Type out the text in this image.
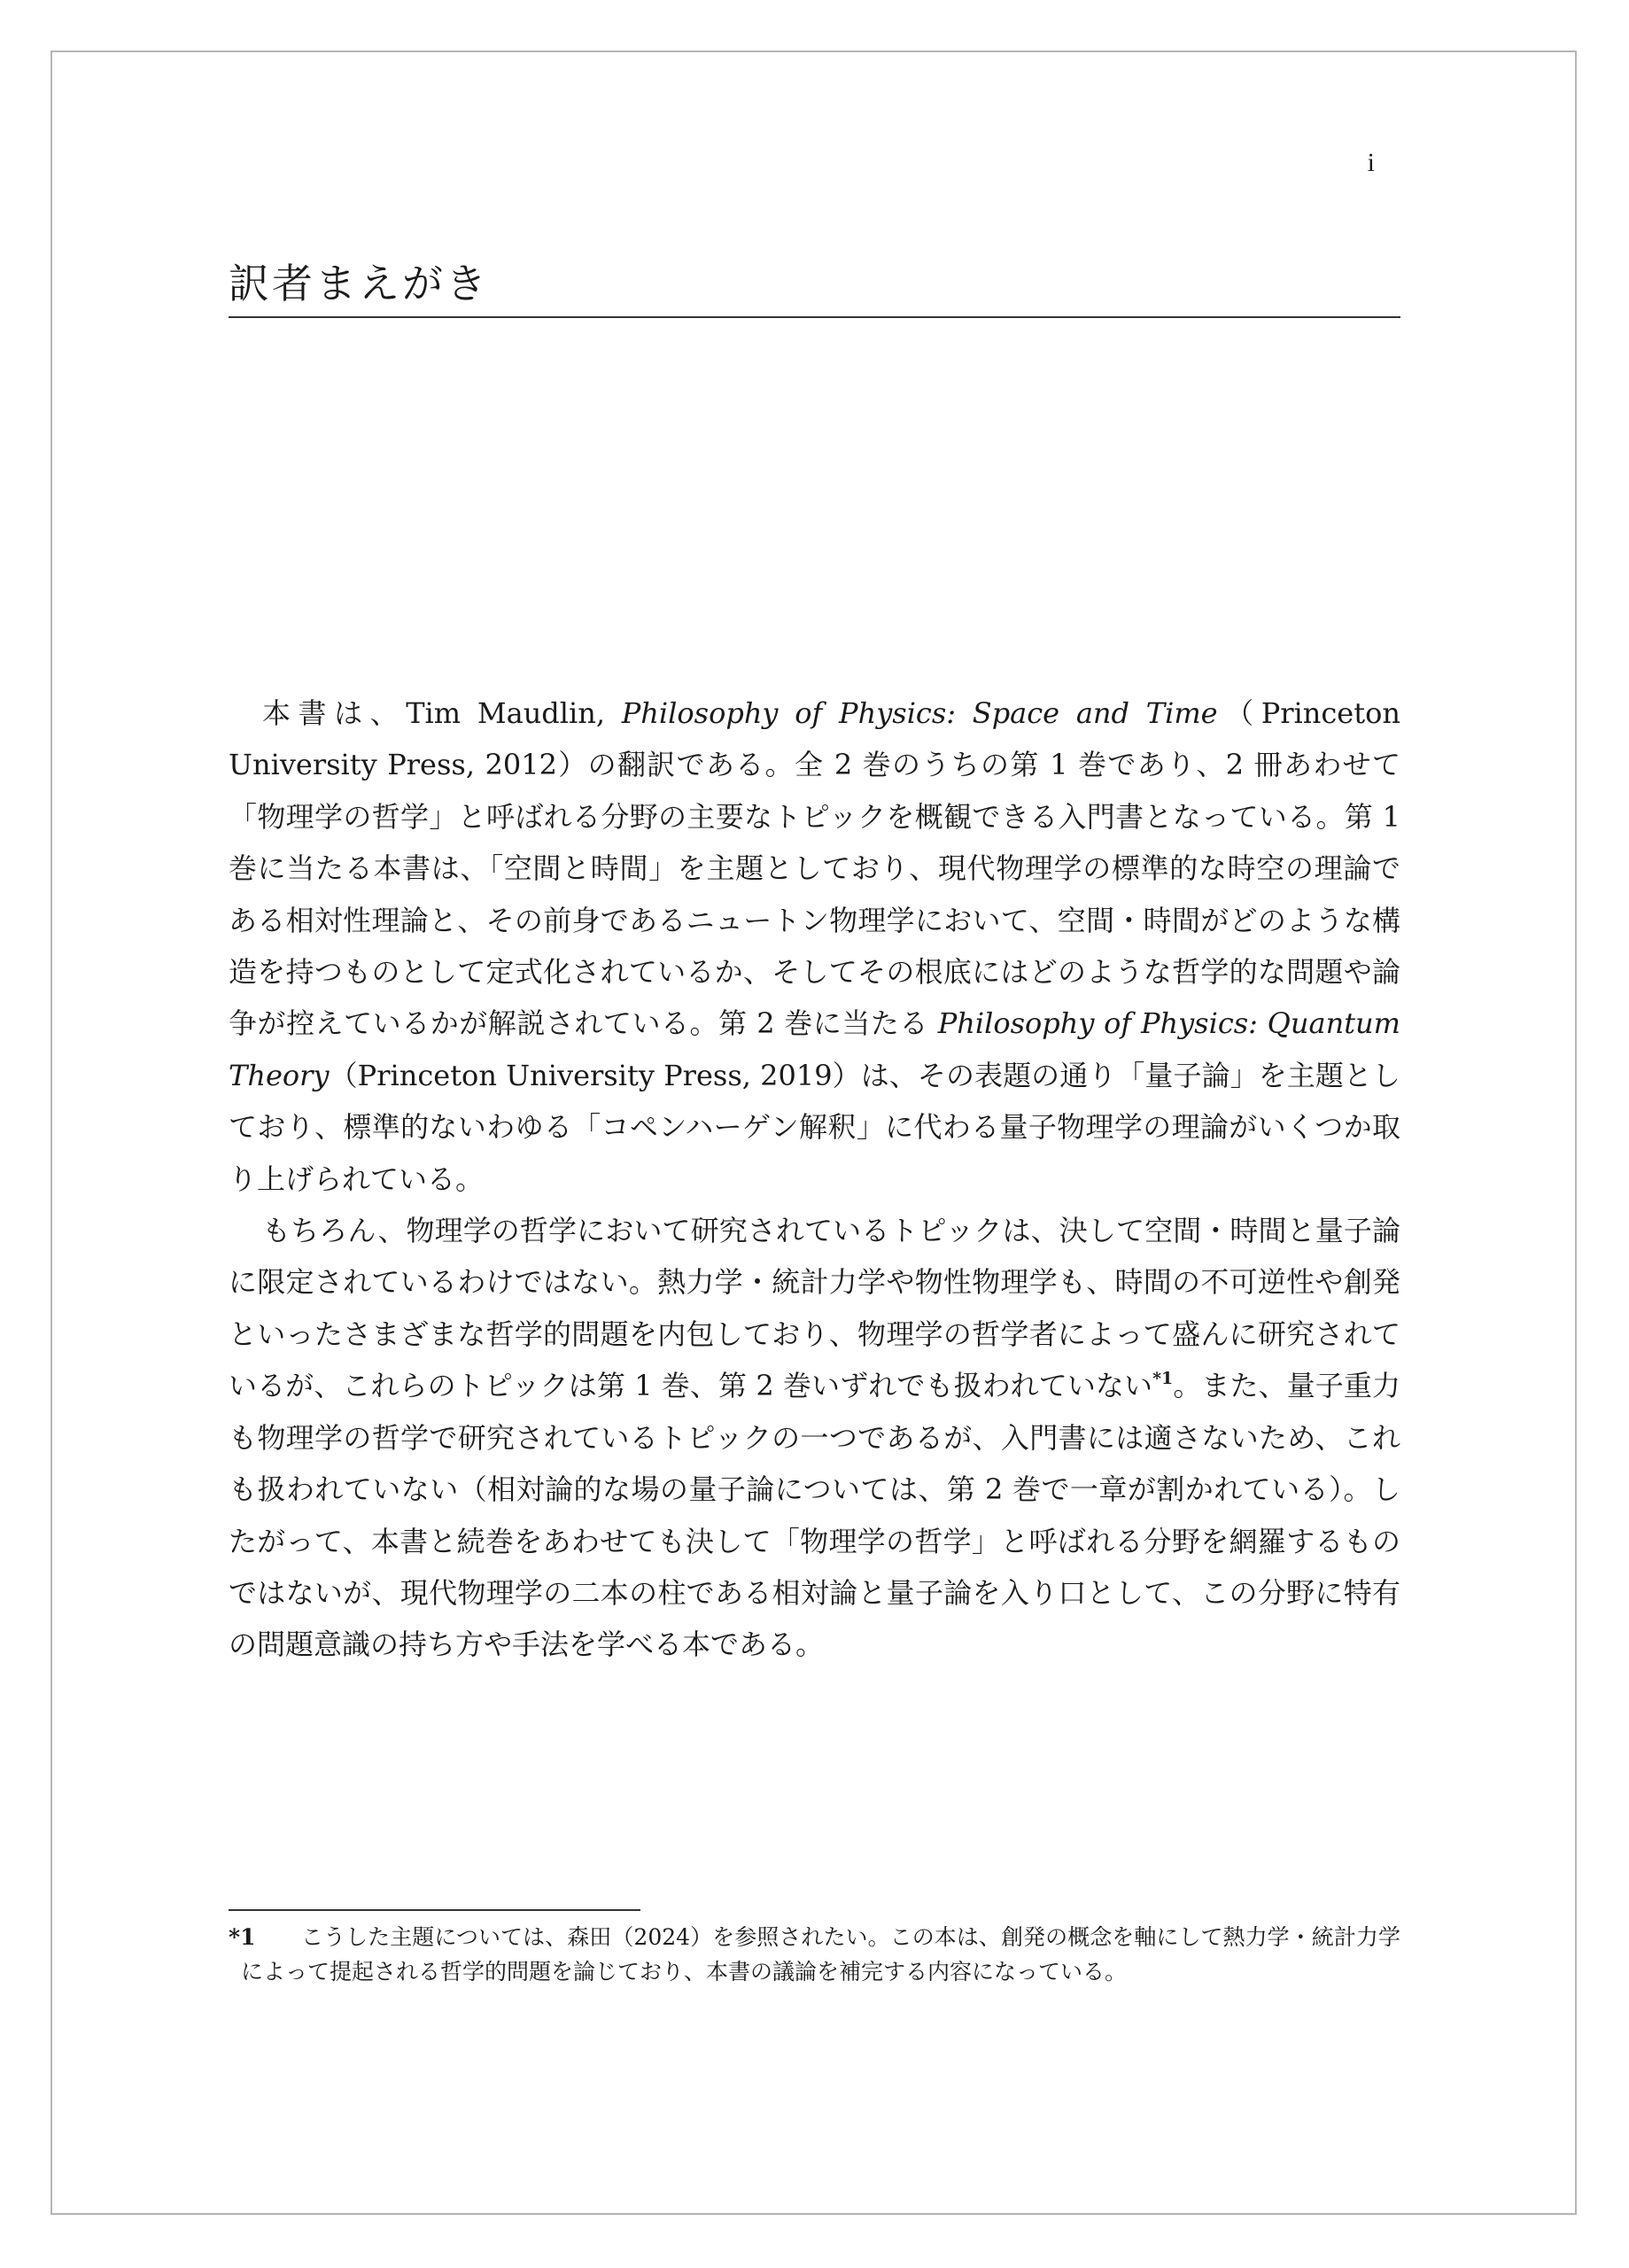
i
訳者まえがき

本書は、Tim Maudlin, Philosophy of Physics: Space and Time（Princeton University Press, 2012）の翻訳である。全 2 巻のうちの第 1 巻であり、2 冊あわせて「物理学の哲学」と呼ばれる分野の主要なトピックを概観できる入門書となっている。第 1 巻に当たる本書は、「空間と時間」を主題としており、現代物理学の標準的な時空の理論である相対性理論と、その前身であるニュートン物理学において、空間・時間がどのような構造を持つものとして定式化されているか、そしてその根底にはどのような哲学的な問題や論争が控えているかが解説されている。第 2 巻に当たる Philosophy of Physics: Quantum Theory（Princeton University Press, 2019）は、その表題の通り「量子論」を主題としており、標準的ないわゆる「コペンハーゲン解釈」に代わる量子物理学の理論がいくつか取り上げられている。

もちろん、物理学の哲学において研究されているトピックは、決して空間・時間と量子論に限定されているわけではない。熱力学・統計力学や物性物理学も、時間の不可逆性や創発といったさまざまな哲学的問題を内包しており、物理学の哲学者によって盛んに研究されているが、これらのトピックは第 1 巻、第 2 巻いずれでも扱われていない$^{*1}$。また、量子重力も物理学の哲学で研究されているトピックの一つであるが、入門書には適さないため、これも扱われていない（相対論的な場の量子論については、第 2 巻で一章が割かれている）。したがって、本書と続巻をあわせても決して「物理学の哲学」と呼ばれる分野を網羅するものではないが、現代物理学の二本の柱である相対論と量子論を入り口として、この分野に特有の問題意識の持ち方や手法を学べる本である。

*1	こうした主題については、森田（2024）を参照されたい。この本は、創発の概念を軸にして熱力学・統計力学によって提起される哲学的問題を論じており、本書の議論を補完する内容になっている。
